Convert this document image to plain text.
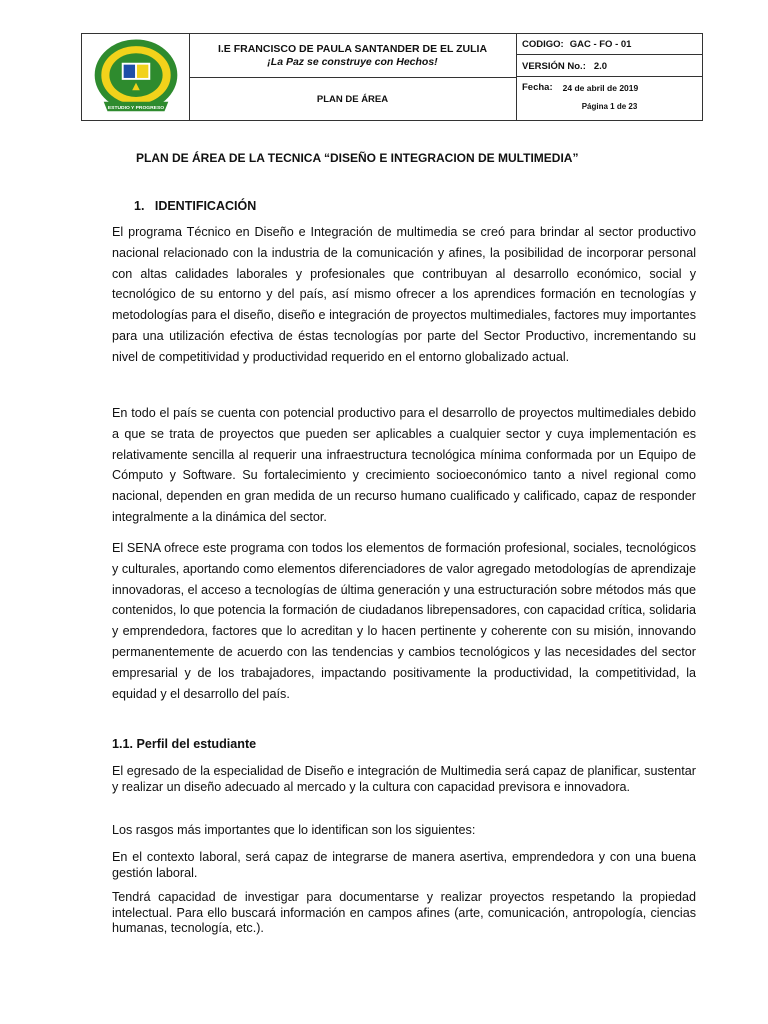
ESTUDIO Y PROGRESO
I.E FRANCISCO DE PAULA SANTANDER DE EL ZULIA
¡La Paz se construye con Hechos!
PLAN DE ÁREA
CODIGO: GAC - FO - 01
VERSIÓN No.: 2.0
Fecha: 24 de abril de 2019
Página 1 de 23
PLAN DE ÁREA DE LA TECNICA “DISEÑO E INTEGRACION DE MULTIMEDIA”
1.   IDENTIFICACIÓN

El programa Técnico en Diseño e Integración de multimedia se creó para brindar al sector productivo nacional relacionado con la industria de la comunicación y afines, la posibilidad de incorporar personal con altas calidades laborales y profesionales que contribuyan al desarrollo económico, social y tecnológico de su entorno y del país, así mismo ofrecer a los aprendices formación en tecnologías y metodologías para el diseño, diseño e integración de proyectos multimediales, factores muy importantes para una utilización efectiva de éstas tecnologías por parte del Sector Productivo, incrementando su nivel de competitividad y productividad requerido en el entorno globalizado actual.

En todo el país se cuenta con potencial productivo para el desarrollo de proyectos multimediales debido a que se trata de proyectos que pueden ser aplicables a cualquier sector y cuya implementación es relativamente sencilla al requerir una infraestructura tecnológica mínima conformada por un Equipo de Cómputo y Software. Su fortalecimiento y crecimiento socioeconómico tanto a nivel regional como nacional, dependen en gran medida de un recurso humano cualificado y calificado, capaz de responder integralmente a la dinámica del sector.

El SENA ofrece este programa con todos los elementos de formación profesional, sociales, tecnológicos y culturales, aportando como elementos diferenciadores de valor agregado metodologías de aprendizaje innovadoras, el acceso a tecnologías de última generación y una estructuración sobre métodos más que contenidos, lo que potencia la formación de ciudadanos librepensadores, con capacidad crítica, solidaria y emprendedora, factores que lo acreditan y lo hacen pertinente y coherente con su misión, innovando permanentemente de acuerdo con las tendencias y cambios tecnológicos y las necesidades del sector empresarial y de los trabajadores, impactando positivamente la productividad, la competitividad, la equidad y el desarrollo del país.

1.1. Perfil del estudiante

El egresado de la especialidad de Diseño e integración de Multimedia será capaz de planificar, sustentar y realizar un diseño adecuado al mercado y la cultura con capacidad previsora e innovadora.

Los rasgos más importantes que lo identifican son los siguientes:

En el contexto laboral, será capaz de integrarse de manera asertiva, emprendedora y con una buena gestión laboral.

Tendrá capacidad de investigar para documentarse y realizar proyectos respetando la propiedad intelectual. Para ello buscará información en campos afines (arte, comunicación, antropología, ciencias humanas, tecnología, etc.).
